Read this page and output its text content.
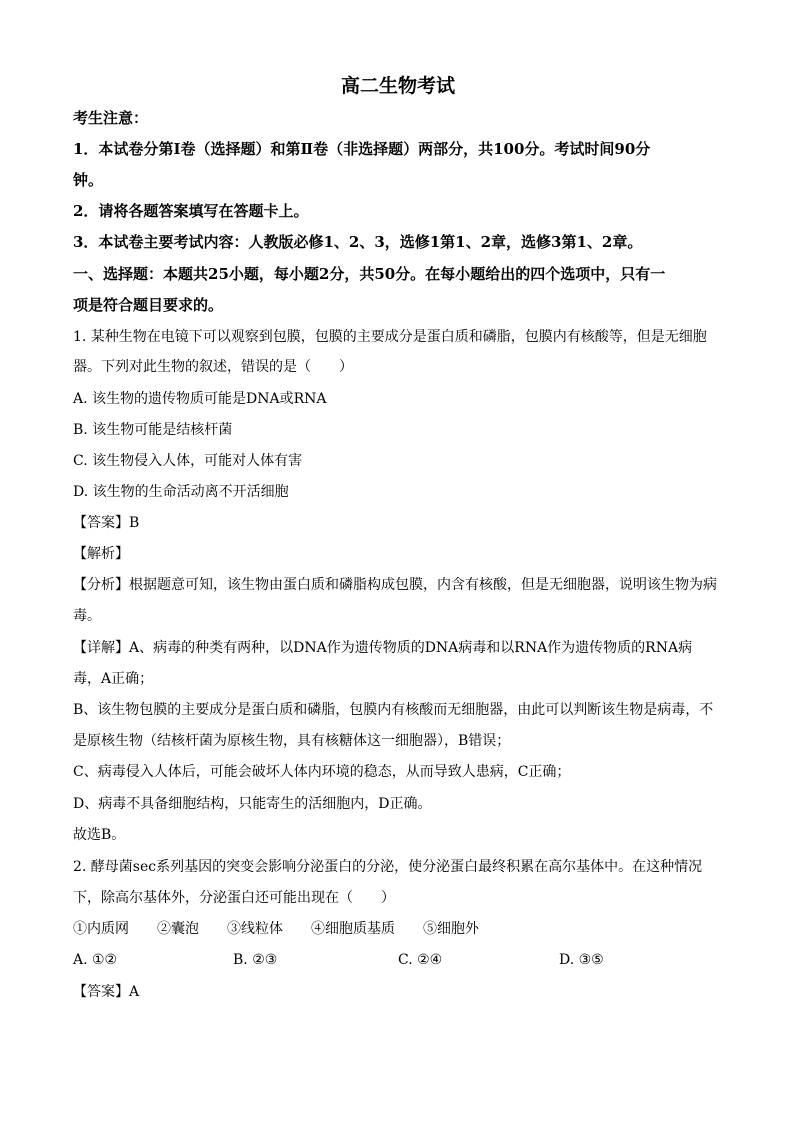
高二生物考试
考生注意：
1．本试卷分第Ⅰ卷（选择题）和第Ⅱ卷（非选择题）两部分，共100分。考试时间90分
钟。
2．请将各题答案填写在答题卡上。
3．本试卷主要考试内容：人教版必修1、2、3，选修1第1、2章，选修3第1、2章。
一、选择题：本题共25小题，每小题2分，共50分。在每小题给出的四个选项中，只有一
项是符合题目要求的。
1. 某种生物在电镜下可以观察到包膜，包膜的主要成分是蛋白质和磷脂，包膜内有核酸等，但是无细胞
器。下列对此生物的叙述，错误的是（　　）
A. 该生物的遗传物质可能是DNA或RNA
B. 该生物可能是结核杆菌
C. 该生物侵入人体，可能对人体有害
D. 该生物的生命活动离不开活细胞
【答案】B
【解析】
【分析】根据题意可知，该生物由蛋白质和磷脂构成包膜，内含有核酸，但是无细胞器，说明该生物为病
毒。
【详解】A、病毒的种类有两种，以DNA作为遗传物质的DNA病毒和以RNA作为遗传物质的RNA病
毒，A正确；
B、该生物包膜的主要成分是蛋白质和磷脂，包膜内有核酸而无细胞器，由此可以判断该生物是病毒，不
是原核生物（结核杆菌为原核生物，具有核糖体这一细胞器），B错误；
C、病毒侵入人体后，可能会破坏人体内环境的稳态，从而导致人患病，C正确；
D、病毒不具备细胞结构，只能寄生的活细胞内，D正确。
故选B。
2. 酵母菌sec系列基因的突变会影响分泌蛋白的分泌，使分泌蛋白最终积累在高尔基体中。在这种情况
下，除高尔基体外，分泌蛋白还可能出现在（　　）
①内质网　　②囊泡　　③线粒体　　④细胞质基质　　⑤细胞外
A. ①②	B. ②③	C. ②④	D. ③⑤
【答案】A
